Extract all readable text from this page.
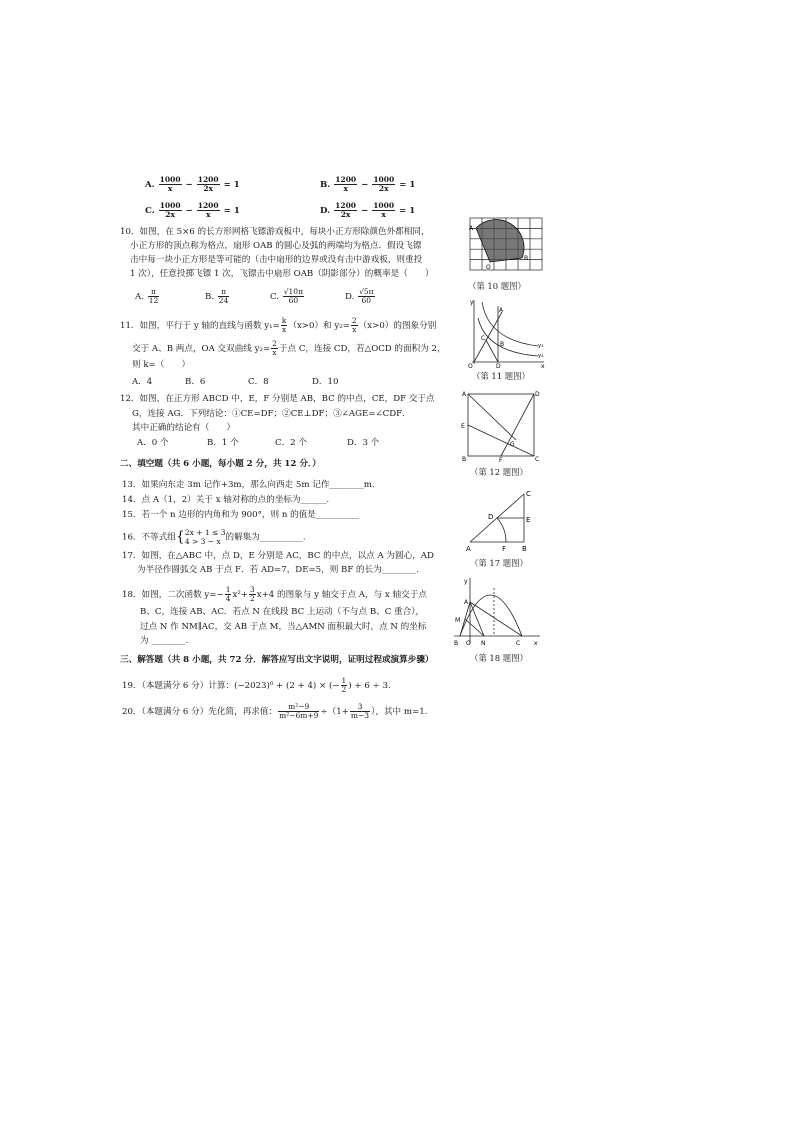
A. $\frac{1000}{x} - \frac{1200}{2x} = 1$	B. $\frac{1200}{x} - \frac{1000}{2x} = 1$
C. $\frac{1000}{2x} - \frac{1200}{x} = 1$	D. $\frac{1200}{2x} - \frac{1000}{x} = 1$
10．如图，在 5×6 的长方形网格飞镖游戏板中，每块小正方形除颜色外都相同，
小正方形的顶点称为格点，扇形 OAB 的圆心及弧的两端均为格点．假设飞镖
击中每一块小正方形是等可能的（击中扇形的边界或没有击中游戏板，则重投
1 次），任意投掷飞镖 1 次，飞镖击中扇形 OAB（阴影部分）的概率是（　　）
A. $\frac{\pi}{12}$	B. $\frac{\pi}{24}$	C. $\frac{√10\pi}{60}$	D. $\frac{√5\pi}{60}$
A
B
O
（第 10 题图）
11．如图，平行于 y 轴的直线与函数 $y_1= \frac{k}{x} (x>0)$和 $y_2= \frac{2}{x} (x>0)$的图象分别
交于 A、B 两点，OA 交双曲线 $y_2= \frac{2}{x}$ 于点 C，连接 CD，若△OCD 的面积为 2，
则 k=（　　）
A．4	B．6	C．8	D．10
y
A
C
B
O	D	x
y₁
y₂
（第 11 题图）
12．如图，在正方形 ABCD 中，E，F 分别是 AB，BC 的中点，CE，DF 交于点
G，连接 AG．下列结论：①CE=DF；②CE⊥DF；③∠AGE=∠CDF．
其中正确的结论有（　　）
A．0 个	B．1 个	C．2 个	D．3 个
A	D
E
B	F	C
G
（第 12 题图）
二、填空题（共 6 小题，每小题 2 分，共 12 分．）
13．如果向东走 3m 记作+3m，那么向西走 5m 记作________m.
14．点 A（1，2）关于 x 轴对称的点的坐标为______.
15．若一个 n 边形的内角和为 900°，则 n 的值是__________
16．不等式组{ 2x + 1 ≤ 3
4 > 3 − x 的解集为__________.
17．如图，在△ABC 中，点 D，E 分别是 AC，BC 的中点，以点 A 为圆心，AD
为半径作圆弧交 AB 于点 F．若 AD=7，DE=5，则 BF 的长为________.
C
D	E
A	F B
（第 17 题图）
18．如图，二次函数 $y=- \frac{1}{4} x^2+ \frac{3}{2} x+4$ 的图象与 y 轴交于点 A，与 x 轴交于点
B、C，连接 AB、AC．若点 N 在线段 BC 上运动（不与点 B、C 重合），
过点 N 作 NM∥AC，交 AB 于点 M，当△AMN 面积最大时，点 N 的坐标
为 ________.
y
A
M
B O N	C x
（第 18 题图）
三、解答题（共 8 小题，共 72 分．解答应写出文字说明，证明过程或演算步骤）
19．（本题满分 6 分）计算：(−2023)⁰ + (2 + 4) × (− $\frac{1}{2}$ ) + 6 ÷ 3.
20．（本题满分 6 分）先化简，再求值： $\frac{\text{m²−9}}{\text{m²−6m+9}} \div(1+ \frac{3}{m-3}$ ），其中 m=1.
